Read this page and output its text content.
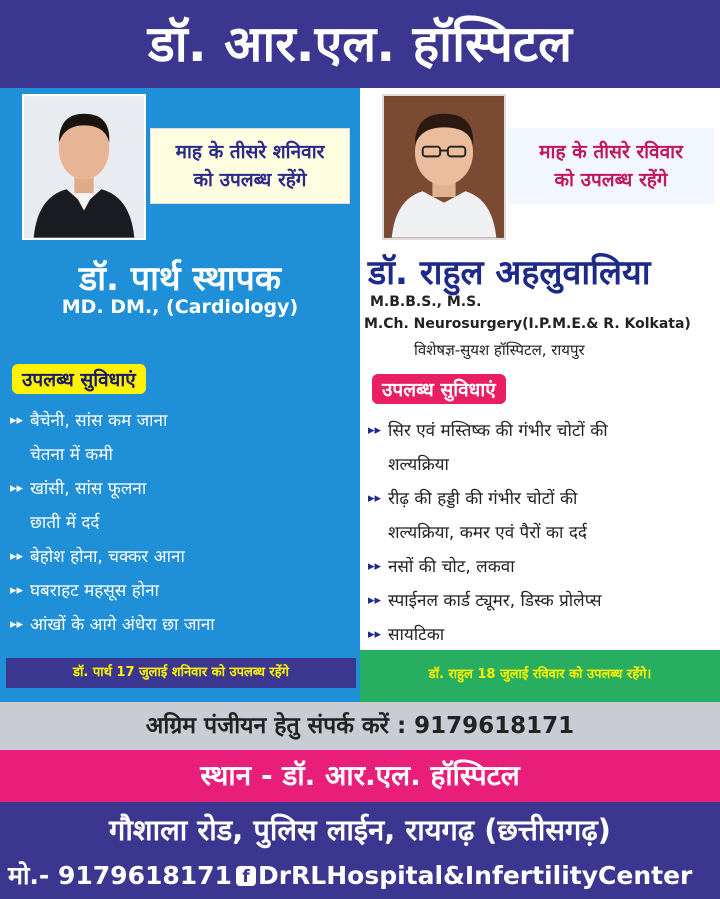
डॉ. आर.एल. हॉस्पिटल
माह के तीसरे शनिवार
को उपलब्ध रहेंगे
माह के तीसरे रविवार
को उपलब्ध रहेंगे
डॉ. पार्थ स्थापक
MD. DM., (Cardiology)
डॉ. राहुल अहलुवालिया
M.B.B.S., M.S.
M.Ch. Neurosurgery(I.P.M.E.& R. Kolkata)
विशेषज्ञ-सुयश हॉस्पिटल, रायपुर
उपलब्ध सुविधाएं	उपलब्ध सुविधाएं
▸▸ बैचेनी, सांस कम जाना
चेतना में कमी
▸▸ खांसी, सांस फूलना
छाती में दर्द
▸▸ बेहोश होना, चक्कर आना
▸▸ घबराहट महसूस होना
▸▸ आंखों के आगे अंधेरा छा जाना
▸▸ सिर एवं मस्तिष्क की गंभीर चोटों की
शल्यक्रिया
▸▸ रीढ़ की हड्डी की गंभीर चोटों की
शल्यक्रिया, कमर एवं पैरों का दर्द
▸▸ नसों की चोट, लकवा
▸▸ स्पाईनल कार्ड ट्यूमर, डिस्क प्रोलेप्स
▸▸ सायटिका
डॉ. पार्थ 17 जुलाई शनिवार को उपलब्ध रहेंगे	डॉ. राहुल 18 जुलाई रविवार को उपलब्ध रहेंगे।
अग्रिम पंजीयन हेतु संपर्क करें : 9179618171
स्थान - डॉ. आर.एल. हॉस्पिटल
गौशाला रोड, पुलिस लाईन, रायगढ़ (छत्तीसगढ़)
मो.- 9179618171 f DrRLHospital&InfertilityCenter
